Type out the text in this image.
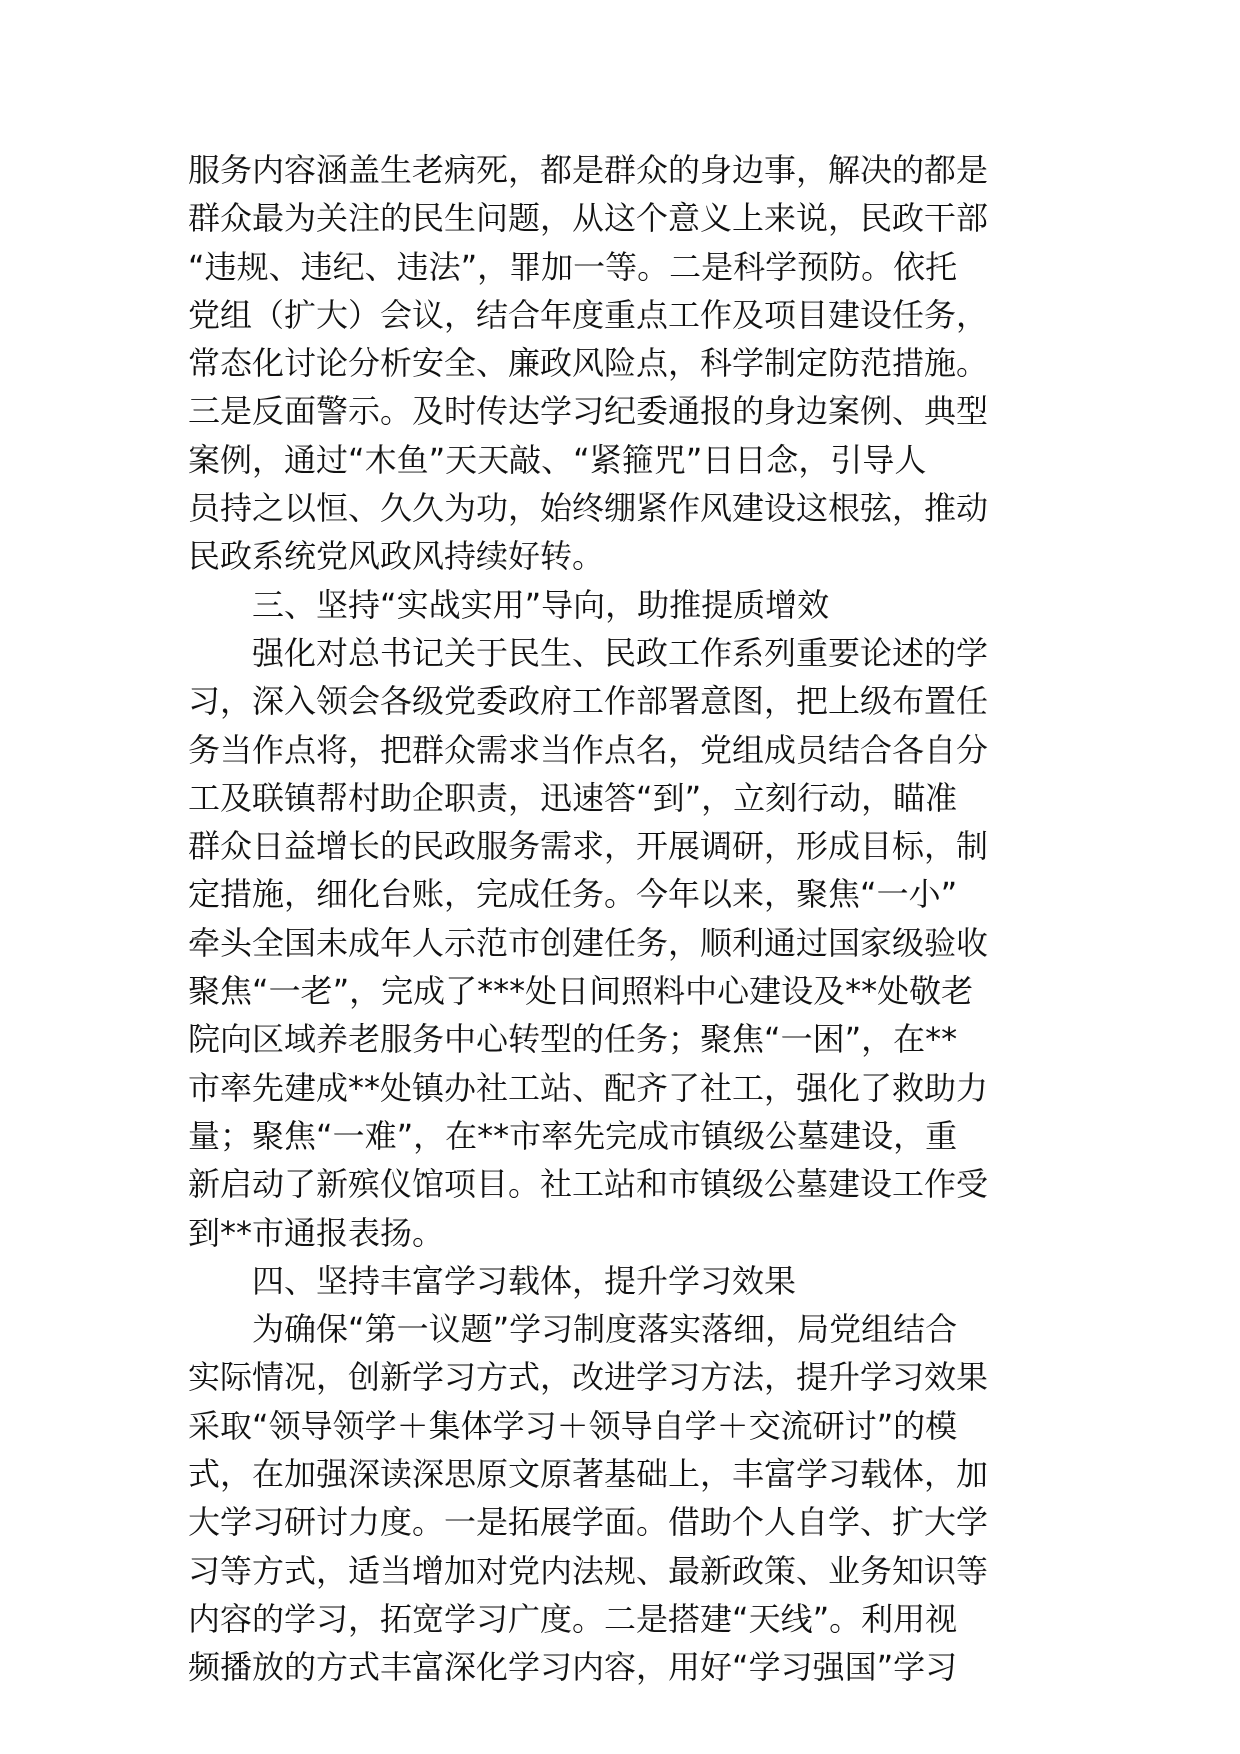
服务内容涵盖生老病死，都是群众的身边事，解决的都是
群众最为关注的民生问题，从这个意义上来说，民政干部
“违规、违纪、违法”，罪加一等。二是科学预防。依托
党组（扩大）会议，结合年度重点工作及项目建设任务，
常态化讨论分析安全、廉政风险点，科学制定防范措施。
三是反面警示。及时传达学习纪委通报的身边案例、典型
案例，通过“木鱼”天天敲、“紧箍咒”日日念，引导人
员持之以恒、久久为功，始终绷紧作风建设这根弦，推动
民政系统党风政风持续好转。
三、坚持“实战实用”导向，助推提质增效
强化对总书记关于民生、民政工作系列重要论述的学
习，深入领会各级党委政府工作部署意图，把上级布置任
务当作点将，把群众需求当作点名，党组成员结合各自分
工及联镇帮村助企职责，迅速答“到”，立刻行动，瞄准
群众日益增长的民政服务需求，开展调研，形成目标，制
定措施，细化台账，完成任务。今年以来，聚焦“一小”
牵头全国未成年人示范市创建任务，顺利通过国家级验收
聚焦“一老”，完成了***处日间照料中心建设及**处敬老
院向区域养老服务中心转型的任务；聚焦“一困”，在**
市率先建成**处镇办社工站、配齐了社工，强化了救助力
量；聚焦“一难”，在**市率先完成市镇级公墓建设，重
新启动了新殡仪馆项目。社工站和市镇级公墓建设工作受
到**市通报表扬。
四、坚持丰富学习载体，提升学习效果
为确保“第一议题”学习制度落实落细，局党组结合
实际情况，创新学习方式，改进学习方法，提升学习效果
采取“领导领学＋集体学习＋领导自学＋交流研讨”的模
式，在加强深读深思原文原著基础上，丰富学习载体，加
大学习研讨力度。一是拓展学面。借助个人自学、扩大学
习等方式，适当增加对党内法规、最新政策、业务知识等
内容的学习，拓宽学习广度。二是搭建“天线”。利用视
频播放的方式丰富深化学习内容，用好“学习强国”学习
